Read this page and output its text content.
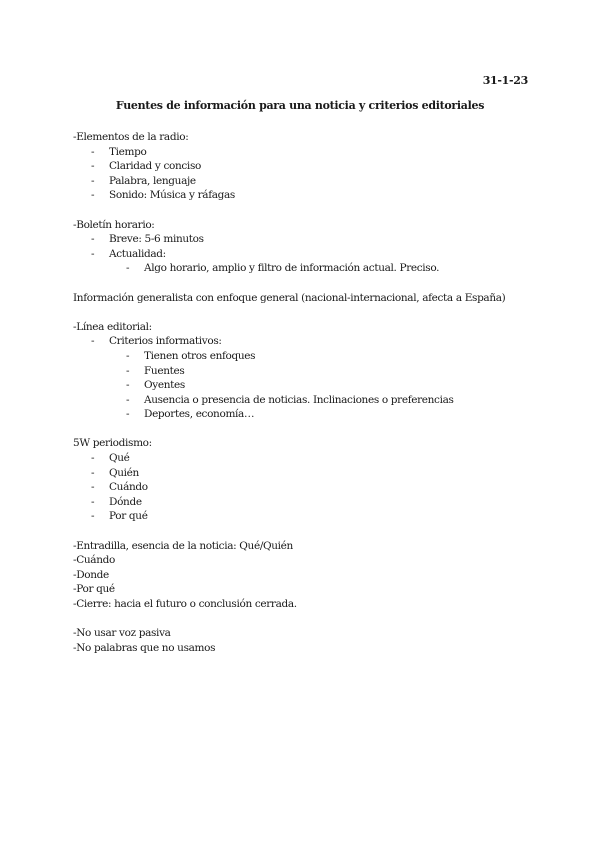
31-1-23
Fuentes de información para una noticia y criterios editoriales
-Elementos de la radio:
- Tiempo
- Claridad y conciso
- Palabra, lenguaje
- Sonido: Música y ráfagas
-Boletín horario:
- Breve: 5-6 minutos
- Actualidad:
- Algo horario, amplio y filtro de información actual. Preciso.
Información generalista con enfoque general (nacional-internacional, afecta a España)
-Línea editorial:
- Criterios informativos:
- Tienen otros enfoques
- Fuentes
- Oyentes
- Ausencia o presencia de noticias. Inclinaciones o preferencias
- Deportes, economía…
5W periodismo:
- Qué
- Quién
- Cuándo
- Dónde
- Por qué
-Entradilla, esencia de la noticia: Qué/Quién
-Cuándo
-Donde
-Por qué
-Cierre: hacia el futuro o conclusión cerrada.
-No usar voz pasiva
-No palabras que no usamos
